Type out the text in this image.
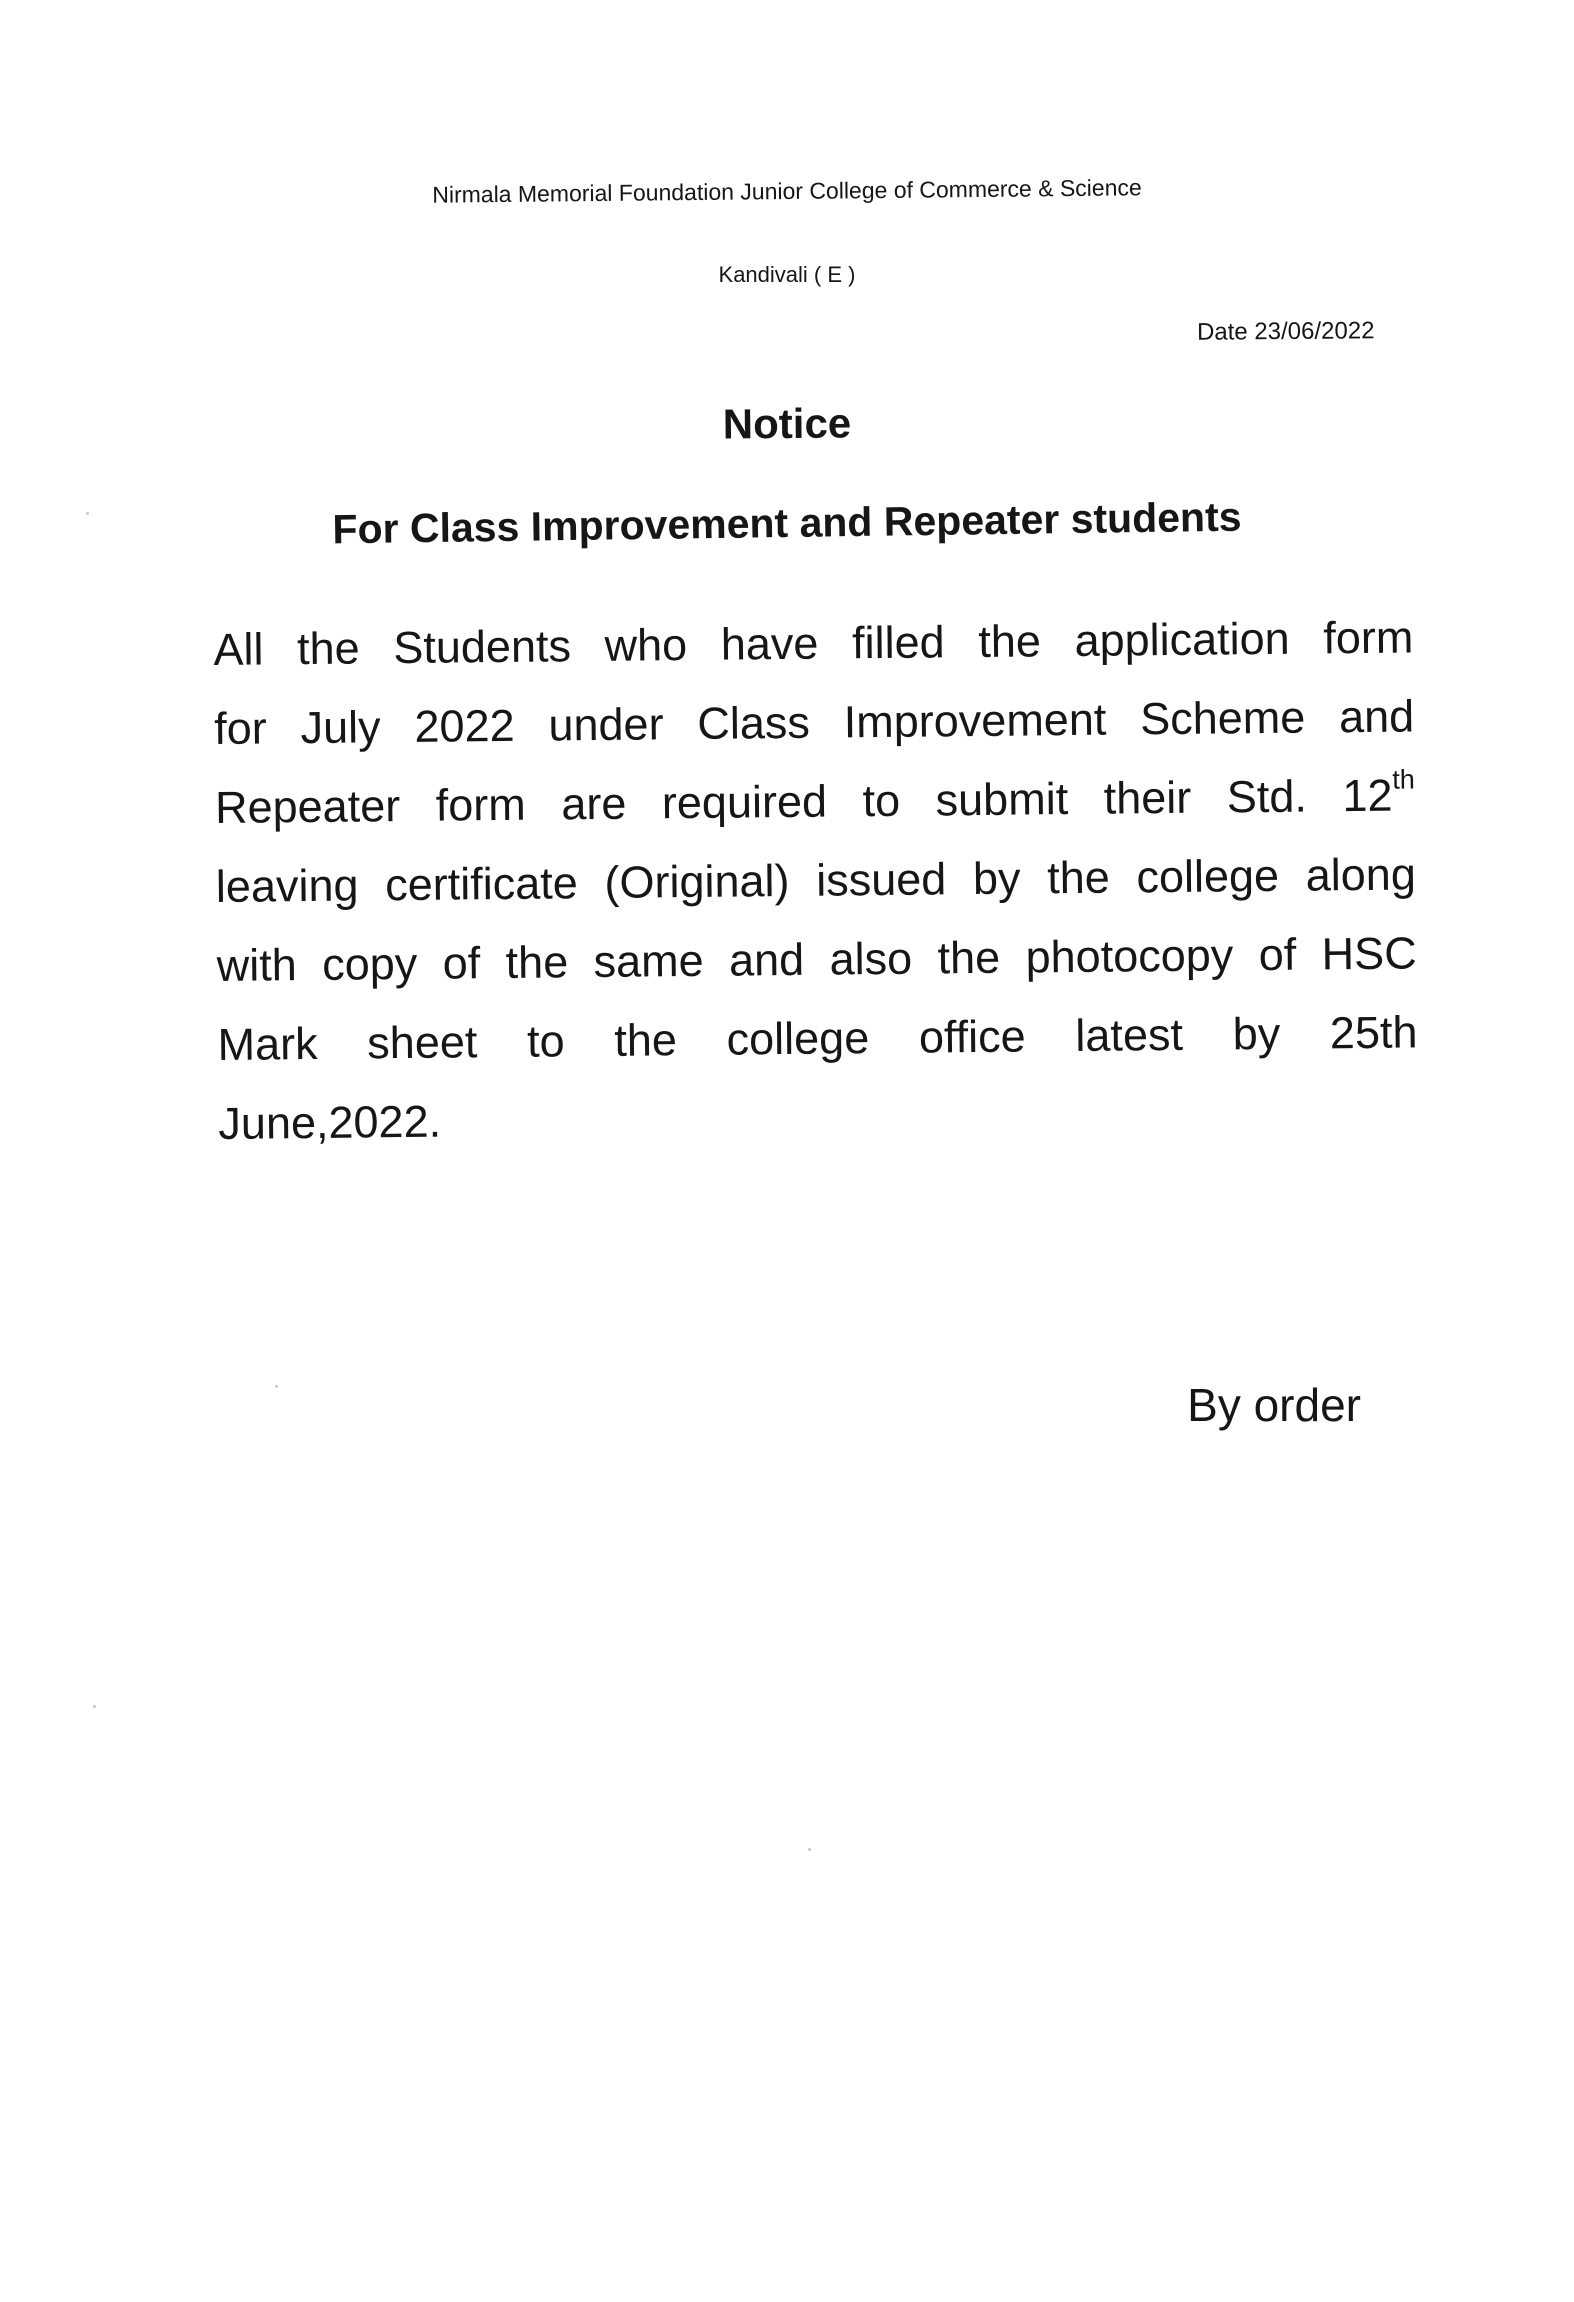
Nirmala Memorial Foundation Junior College of Commerce & Science
Kandivali ( E )
Date 23/06/2022
Notice
For Class Improvement and Repeater students
All the Students who have filled the application form
for July 2022 under Class Improvement Scheme and
Repeater form are required to submit their Std. 12th
leaving certificate (Original) issued by the college along
with copy of the same and also the photocopy of HSC
Mark sheet to the college office latest by 25th
June,2022.
By order
